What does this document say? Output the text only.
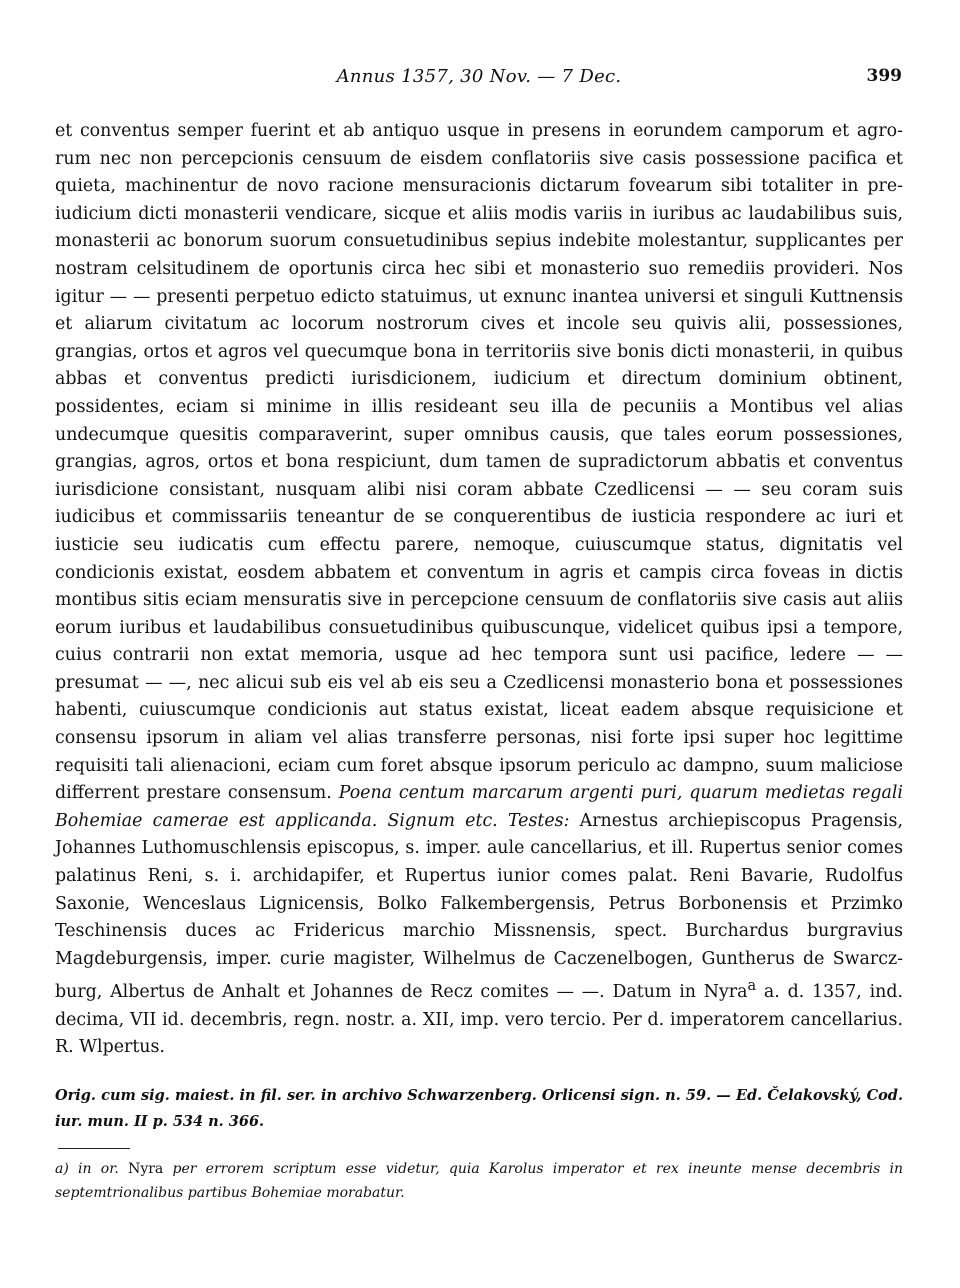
Annus 1357, 30 Nov. — 7 Dec.	399

et conventus semper fuerint et ab antiquo usque in presens in eorundem camporum et agrorum nec non percepcionis censuum de eisdem conflatoriis sive casis possessione pacifica et quieta, machinentur de novo racione mensuracionis dictarum fovearum sibi totaliter in preiudicium dicti monasterii vendicare, sicque et aliis modis variis in iuribus ac laudabilibus suis, monasterii ac bonorum suorum consuetudinibus sepius indebite molestantur, supplicantes per nostram celsitudinem de oportunis circa hec sibi et monasterio suo remediis provideri. Nos igitur — — presenti perpetuo edicto statuimus, ut exnunc inantea universi et singuli Kuttnensis et aliarum civitatum ac locorum nostrorum cives et incole seu quivis alii, possessiones, grangias, ortos et agros vel quecumque bona in territoriis sive bonis dicti monasterii, in quibus abbas et conventus predicti iurisdicionem, iudicium et directum dominium obtinent, possidentes, eciam si minime in illis resideant seu illa de pecuniis a Montibus vel alias undecumque quesitis comparaverint, super omnibus causis, que tales eorum possessiones, grangias, agros, ortos et bona respiciunt, dum tamen de supradictorum abbatis et conventus iurisdicione consistant, nusquam alibi nisi coram abbate Czedlicensi — — seu coram suis iudicibus et commissariis teneantur de se conquerentibus de iusticia respondere ac iuri et iusticie seu iudicatis cum effectu parere, nemoque, cuiuscumque status, dignitatis vel condicionis existat, eosdem abbatem et conventum in agris et campis circa foveas in dictis montibus sitis eciam mensuratis sive in percepcione censuum de conflatoriis sive casis aut aliis eorum iuribus et laudabilibus consuetudinibus quibuscunque, videlicet quibus ipsi a tempore, cuius contrarii non extat memoria, usque ad hec tempora sunt usi pacifice, ledere — — presumat — —, nec alicui sub eis vel ab eis seu a Czedlicensi monasterio bona et possessiones habenti, cuiuscumque condicionis aut status existat, liceat eadem absque requisicione et consensu ipsorum in aliam vel alias transferre personas, nisi forte ipsi super hoc legittime requisiti tali alienacioni, eciam cum foret absque ipsorum periculo ac dampno, suum maliciose differrent prestare consensum. Poena centum marcarum argenti puri, quarum medietas regali Bohemiae camerae est applicanda. Signum etc. Testes: Arnestus archiepiscopus Pragensis, Johannes Luthomuschlensis episcopus, s. imper. aule cancellarius, et ill. Rupertus senior comes palatinus Reni, s. i. archidapifer, et Rupertus iunior comes palat. Reni Bavarie, Rudolfus Saxonie, Wenceslaus Lignicensis, Bolko Falkembergensis, Petrus Borbonensis et Przimko Teschinensis duces ac Fridericus marchio Missnensis, spect. Burchardus burgravius Magdeburgensis, imper. curie magister, Wilhelmus de Caczenelbogen, Guntherus de Swarczburg, Albertus de Anhalt et Johannes de Recz comites — —. Datum in Nyra$^a$ a. d. 1357, ind. decima, VII id. decembris, regn. nostr. a. XII, imp. vero tercio. Per d. imperatorem cancellarius. R. Wlpertus.

Orig. cum sig. maiest. in fil. ser. in archivo Schwarzenberg. Orlicensi sign. n. 59. — Ed. Čelakovský, Cod. iur. mun. II p. 534 n. 366.

a) in or. Nyra per errorem scriptum esse videtur, quia Karolus imperator et rex ineunte mense decembris in septemtrionalibus partibus Bohemiae morabatur.
